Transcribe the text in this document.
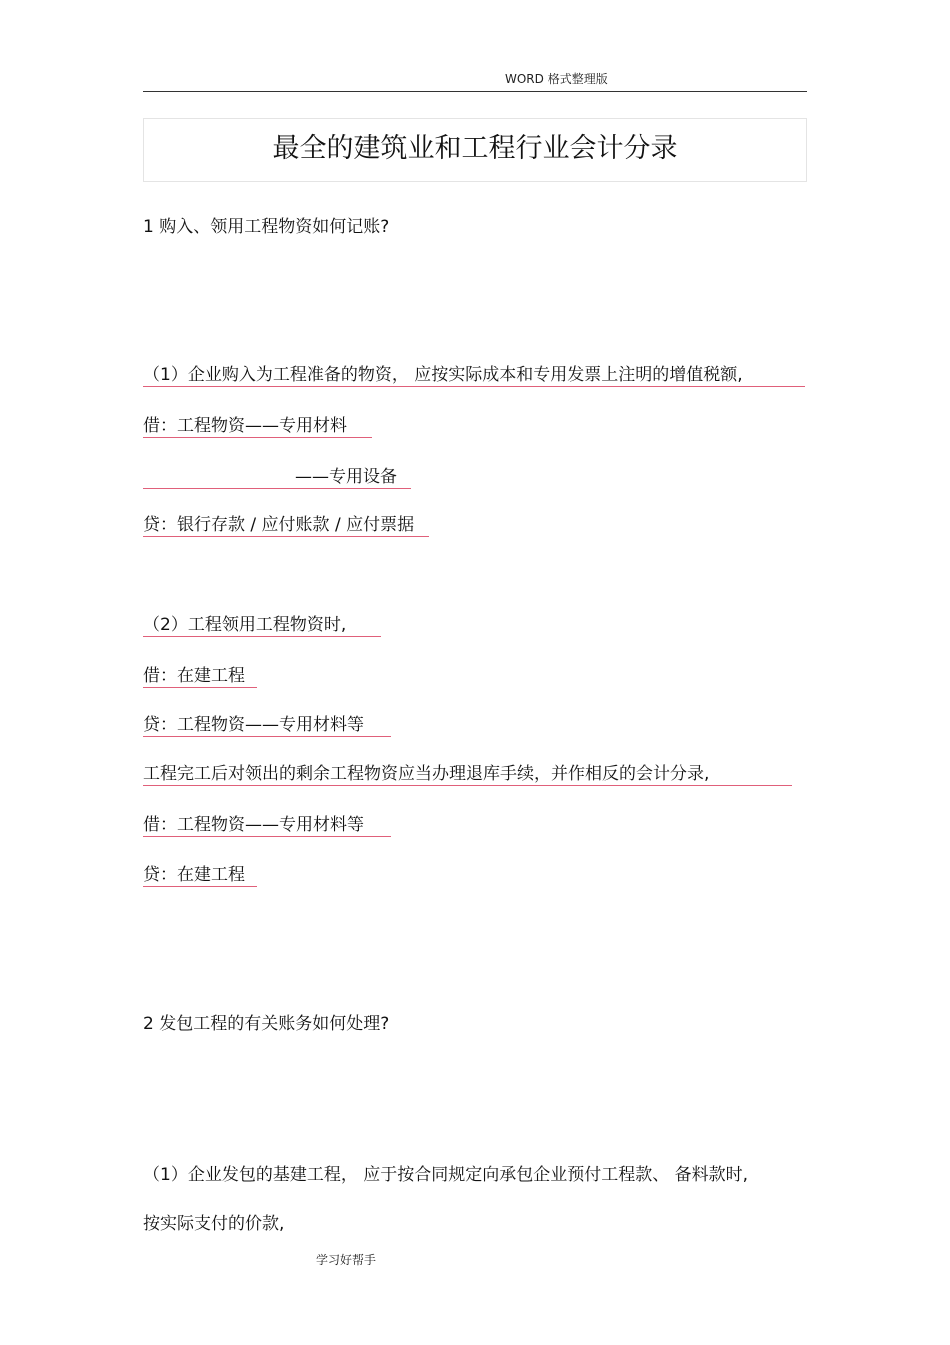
WORD 格式整理版
最全的建筑业和工程行业会计分录
1 购入、领用工程物资如何记账?
（1）企业购入为工程准备的物资， 应按实际成本和专用发票上注明的增值税额,
借：工程物资——专用材料
——专用设备
贷：银行存款 / 应付账款 / 应付票据
（2）工程领用工程物资时,
借：在建工程
贷：工程物资——专用材料等
工程完工后对领出的剩余工程物资应当办理退库手续，并作相反的会计分录,
借：工程物资——专用材料等
贷：在建工程
2 发包工程的有关账务如何处理?
（1）企业发包的基建工程， 应于按合同规定向承包企业预付工程款、 备料款时,
按实际支付的价款,
学习好帮手
